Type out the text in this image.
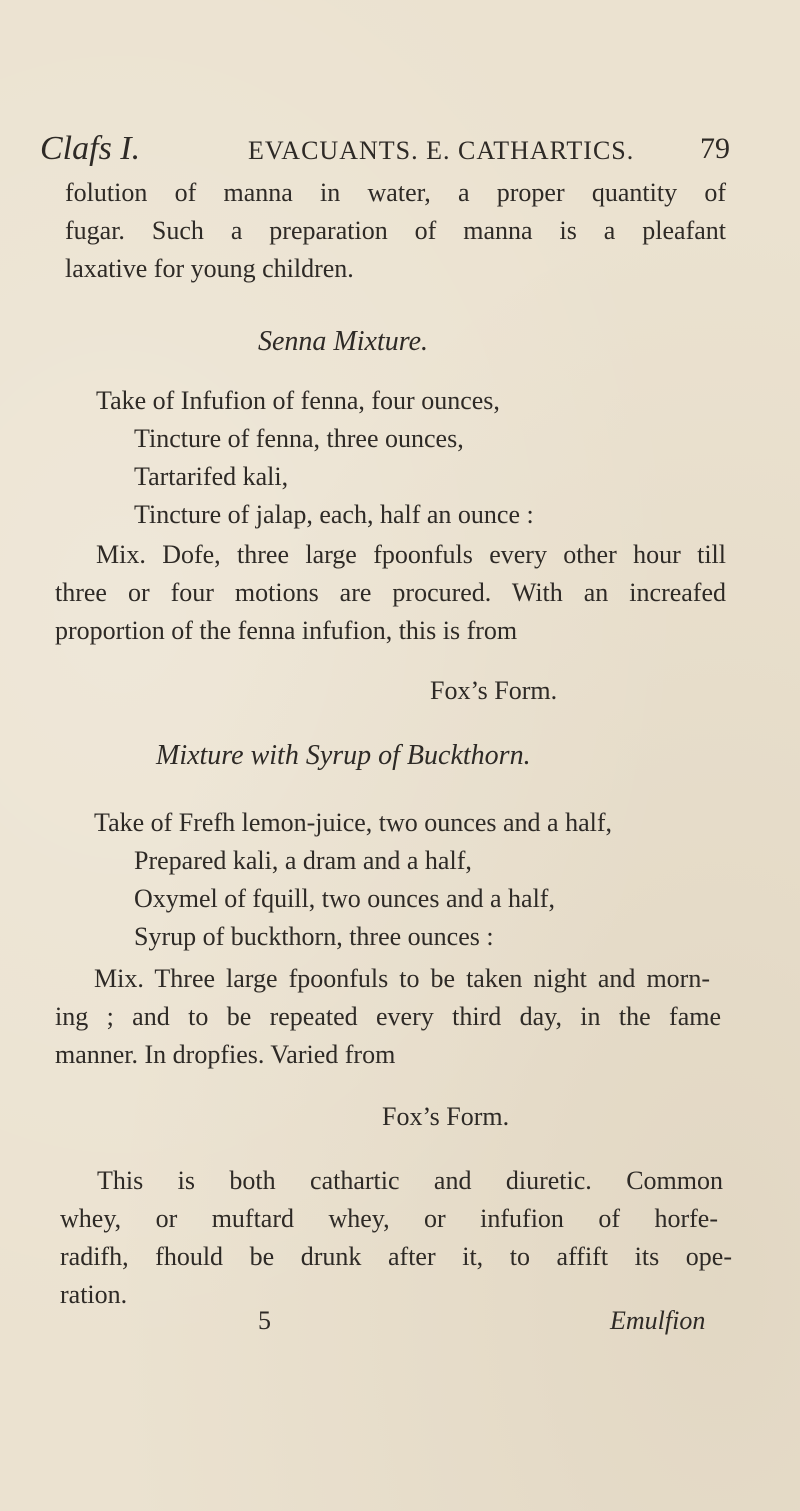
Clafs I.	EVACUANTS. E. CATHARTICS. 79
folution of manna in water, a proper quantity of
fugar. Such a preparation of manna is a pleafant
laxative for young children.
Senna Mixture.
Take of Infufion of fenna, four ounces,
Tincture of fenna, three ounces,
Tartarifed kali,
Tincture of jalap, each, half an ounce :
Mix. Dofe, three large fpoonfuls every other hour till
three or four motions are procured. With an increafed
proportion of the fenna infufion, this is from
Fox’s Form.
Mixture with Syrup of Buckthorn.
Take of Frefh lemon-juice, two ounces and a half,
Prepared kali, a dram and a half,
Oxymel of fquill, two ounces and a half,
Syrup of buckthorn, three ounces :
Mix. Three large fpoonfuls to be taken night and morn-
ing ; and to be repeated every third day, in the fame
manner. In dropfies. Varied from
Fox’s Form.
This is both cathartic and diuretic. Common
whey, or muftard whey, or infufion of horfe-
radifh, fhould be drunk after it, to affift its ope-
ration.
5	Emulfion
